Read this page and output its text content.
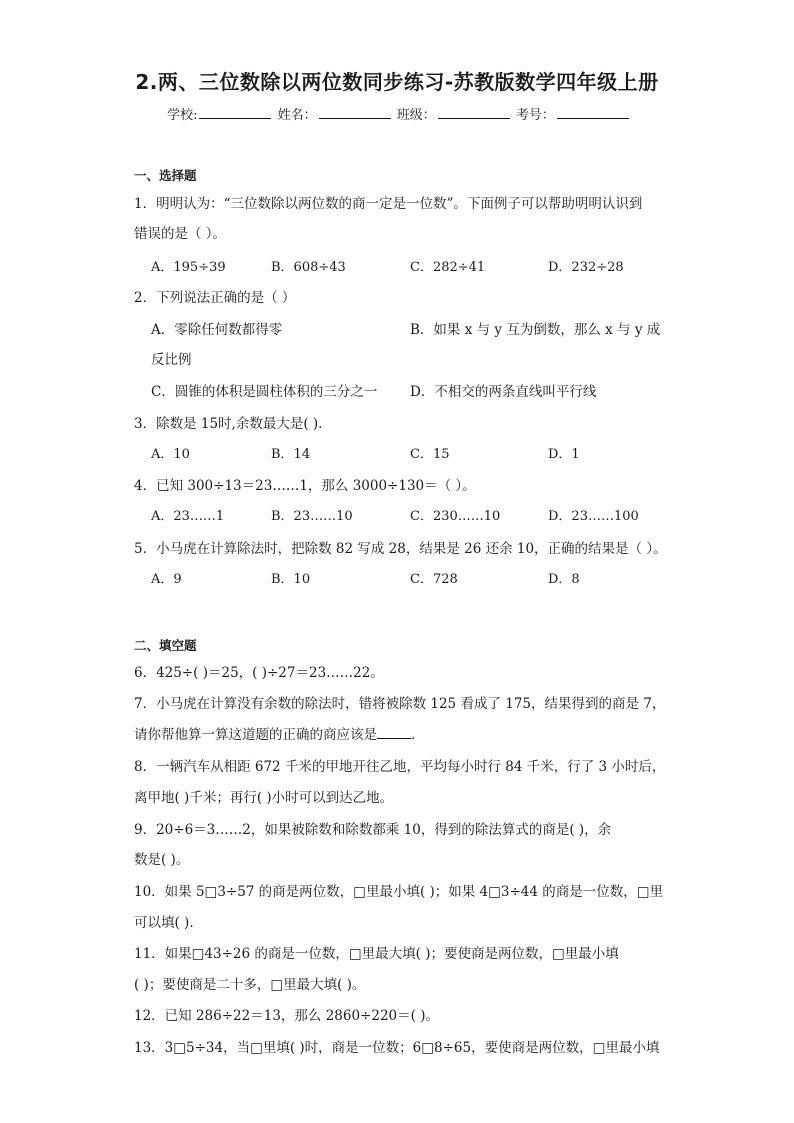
2.两、三位数除以两位数同步练习-苏教版数学四年级上册
学校:	姓名：	班级：	考号：
一、选择题
1．明明认为：“三位数除以两位数的商一定是一位数”。下面例子可以帮助明明认识到
错误的是（ ）。
A．195÷39	B．608÷43	C．282÷41	D．232÷28
2．下列说法正确的是（ ）
A．零除任何数都得零	B．如果 x 与 y 互为倒数，那么 x 与 y 成
反比例
C．圆锥的体积是圆柱体积的三分之一 D．不相交的两条直线叫平行线
3．除数是 15时,余数最大是( ).
A．10	B．14	C．15	D．1
4．已知 300÷13＝23……1，那么 3000÷130＝（ ）。
A．23……1	B．23……10	C．230……10	D．23……100
5．小马虎在计算除法时，把除数 82 写成 28，结果是 26 还余 10，正确的结果是（ ）。
A．9	B．10	C．728	D．8
二、填空题
6．425÷( )＝25，( )÷27＝23……22。
7．小马虎在计算没有余数的除法时，错将被除数 125 看成了 175，结果得到的商是 7，
请你帮他算一算这道题的正确的商应该是	．
8．一辆汽车从相距 672 千米的甲地开往乙地，平均每小时行 84 千米，行了 3 小时后，
离甲地( )千米；再行( )小时可以到达乙地。
9．20÷6＝3……2，如果被除数和除数都乘 10，得到的除法算式的商是( )，余
数是( )。
10．如果 5□3÷57 的商是两位数，□里最小填( )；如果 4□3÷44 的商是一位数，□里
可以填( ).
11．如果□43÷26 的商是一位数，□里最大填( )；要使商是两位数，□里最小填
( )；要使商是二十多，□里最大填( )。
12．已知 286÷22＝13，那么 2860÷220＝( )。
13．3□5÷34，当□里填( )时，商是一位数；6□8÷65，要使商是两位数，□里最小填
